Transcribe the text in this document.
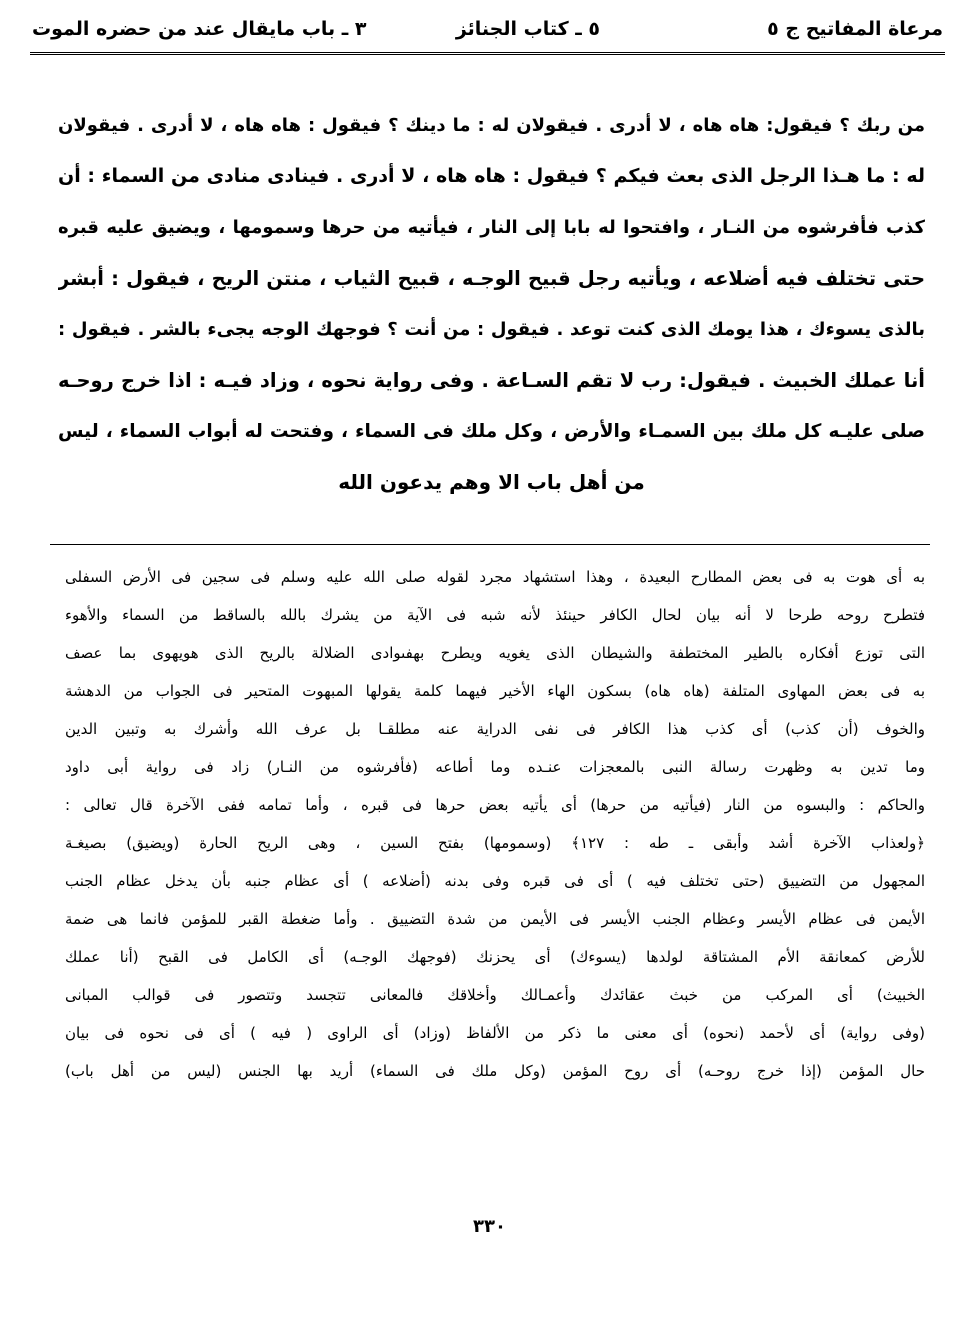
مرعاة المفاتيح ج ٥
٥ ـ كتاب الجنائز
٣ ـ باب مايقال عند من حضره الموت
من ربك ؟ فيقول: هاه هاه ، لا أدرى . فيقولان له : ما دينك ؟ فيقول : هاه هاه ، لا أدرى . فيقولان
له : ما هـذا الرجل الذى بعث فيكم ؟ فيقول : هاه هاه ، لا أدرى . فينادى منادى من السماء : أن
كذب فأفرشوه من النـار ، وافتحوا له بابا إلى النار ، فيأتيه من حرها وسمومها ، ويضيق عليه قبره
حتى تختلف فيه أضلاعه ، ويأتيه رجل قبيح الوجـه ، قبيح الثياب ، منتن الريح ، فيقول : أبشر
بالذى يسوءك ، هذا يومك الذى كنت توعد . فيقول : من أنت ؟ فوجهك الوجه يجىء بالشر . فيقول :
أنا عملك الخبيث . فيقول: رب لا تقم السـاعة . وفى رواية نحوه ، وزاد فيـه : اذا خرج روحـه
صلى عليـه كل ملك بين السمـاء والأرض ، وكل ملك فى السماء ، وفتحت له أبواب السماء ، ليس
من أهل باب الا وهم يدعون الله
به أى هوت به فى بعض المطارح البعيدة ، وهذا استشهاد مجرد لقوله صلى الله عليه وسلم فى سجين فى الأرض السفلى
فتطرح روحه طرحا لا أنه بيان لحال الكافر حينئذ لأنه شبه فى الآية من يشرك بالله بالساقط من السماء والأهوء
التى توزع أفكاره بالطير المختطفة والشيطان الذى يغويه ويطرح بهفىوادى الضلالة بالريح الذى هويهوى بما عصف
به فى بعض المهاوى المتلفة (هاه هاه) بسكون الهاء الأخير فيهما كلمة يقولها المبهوت المتحير فى الجواب من الدهشة
والخوف (أن كذب) أى كذب هذا الكافر فى نفى الدراية عنه مطلقـا بل عرف الله وأشرك به وتبين الدين
وما تدين به وظهرت رسالة النبى بالمعجزات عنـده وما أطاعه (فأفرشوه من النـار) زاد فى رواية أبى داود
والحاكم : والبسوه من النار (فيأتيه من حرها) أى يأتيه بعض حرها فى قبره ، وأما تمامه ففى الآخرة قال تعالى :
﴿ولعذاب الآخرة أشد وأبقى ـ طه : ١٢٧﴾ (وسمومها) بفتح السين ، وهى الريح الحارة (ويضيق) بصيغـة
المجهول من التضييق (حتى تختلف فيه ) أى فى قبره وفى بدنه (أضلاعه ) أى عظام جنبه بأن يدخل عظام الجنب
الأيمن فى عظام الأيسر وعظام الجنب الأيسر فى الأيمن من شدة التضييق . وأما ضغطة القبر للمؤمن فانما هى ضمة
للأرض كمعانقة الأم المشتاقة لولدها (يسوءك) أى يحزنك (فوجهك الوجـه) أى الكامل فى القبح (أنا عملك
الخبيث) أى المركب من خبث عقائدك وأعمـالك وأخلاقك فالمعانى تتجسد وتتصور فى قوالب المبانى
(وفى رواية) أى لأحمد (نحوه) أى معنى ما ذكر من الألفاظ (وزاد) أى الراوى ( فيه ) أى فى نحوه فى بيان
حال المؤمن (إذا خرج روحـه) أى روح المؤمن (وكل ملك فى السماء) أريد بها الجنس (ليس من أهل باب)
٣٣٠
